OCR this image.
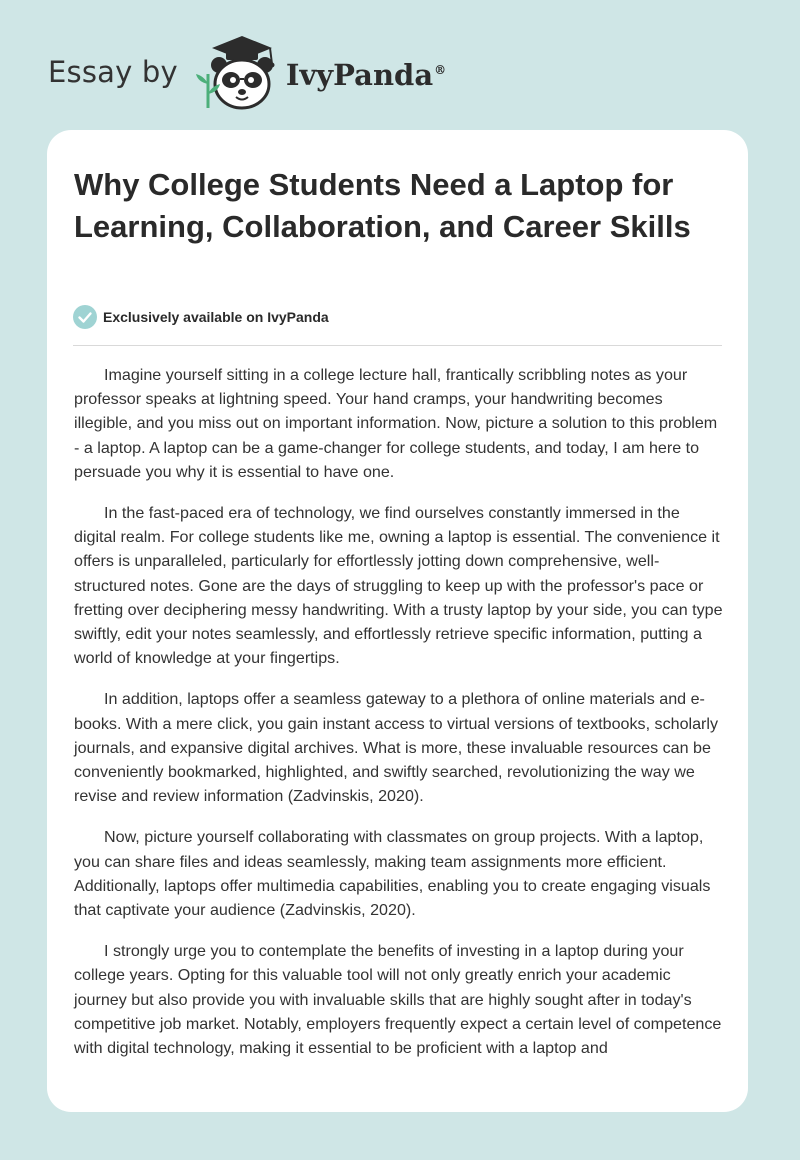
Essay by	IvyPanda®
Why College Students Need a Laptop for Learning, Collaboration, and Career Skills
Exclusively available on IvyPanda

Imagine yourself sitting in a college lecture hall, frantically scribbling notes as your professor speaks at lightning speed. Your hand cramps, your handwriting becomes illegible, and you miss out on important information. Now, picture a solution to this problem - a laptop. A laptop can be a game-changer for college students, and today, I am here to persuade you why it is essential to have one.

In the fast-paced era of technology, we find ourselves constantly immersed in the digital realm. For college students like me, owning a laptop is essential. The convenience it offers is unparalleled, particularly for effortlessly jotting down comprehensive, well-structured notes. Gone are the days of struggling to keep up with the professor's pace or fretting over deciphering messy handwriting. With a trusty laptop by your side, you can type swiftly, edit your notes seamlessly, and effortlessly retrieve specific information, putting a world of knowledge at your fingertips.

In addition, laptops offer a seamless gateway to a plethora of online materials and e-books. With a mere click, you gain instant access to virtual versions of textbooks, scholarly journals, and expansive digital archives. What is more, these invaluable resources can be conveniently bookmarked, highlighted, and swiftly searched, revolutionizing the way we revise and review information (Zadvinskis, 2020).

Now, picture yourself collaborating with classmates on group projects. With a laptop, you can share files and ideas seamlessly, making team assignments more efficient. Additionally, laptops offer multimedia capabilities, enabling you to create engaging visuals that captivate your audience (Zadvinskis, 2020).

I strongly urge you to contemplate the benefits of investing in a laptop during your college years. Opting for this valuable tool will not only greatly enrich your academic journey but also provide you with invaluable skills that are highly sought after in today's competitive job market. Notably, employers frequently expect a certain level of competence with digital technology, making it essential to be proficient with a laptop and
